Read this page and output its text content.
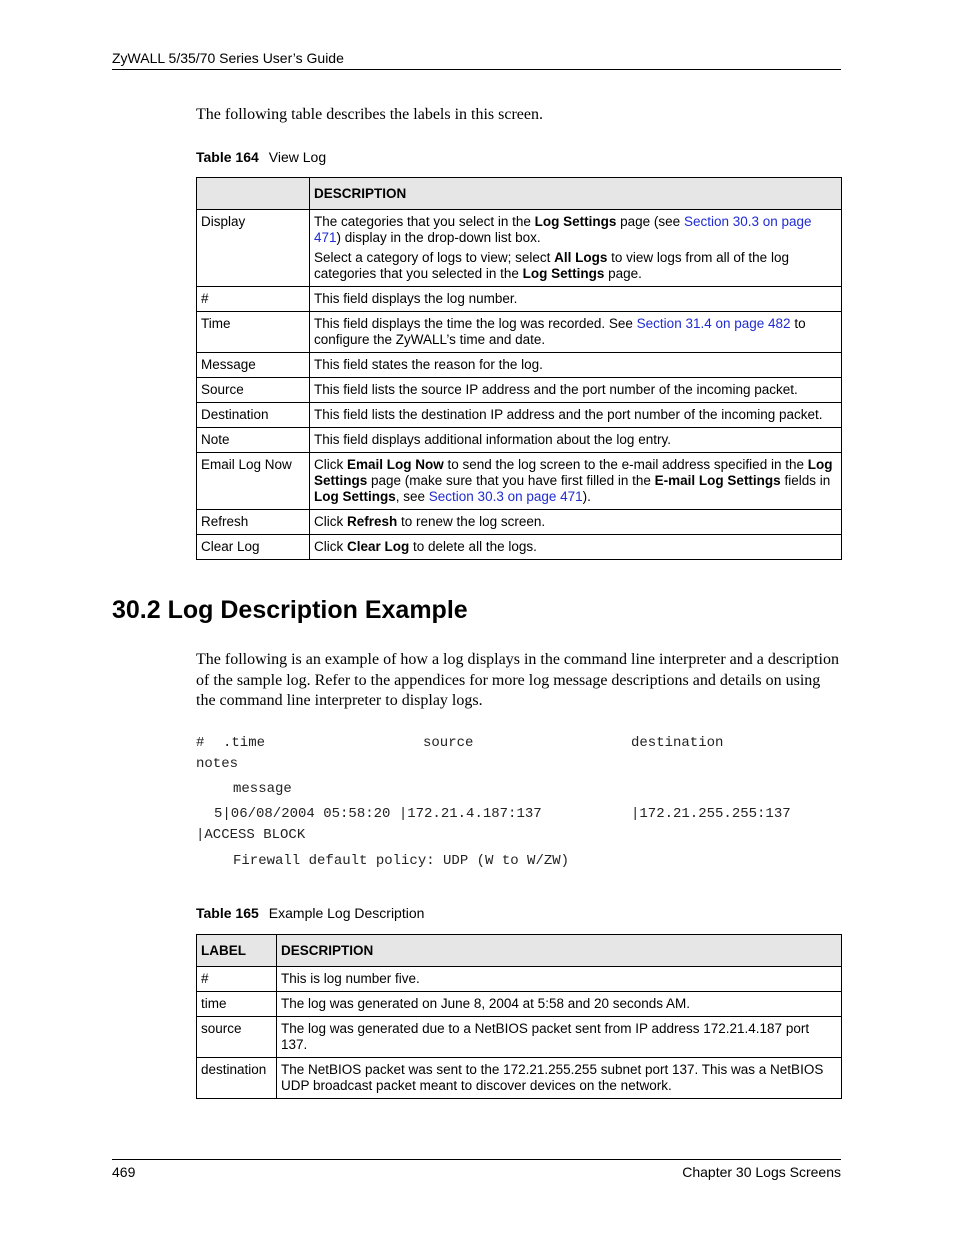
ZyWALL 5/35/70 Series User’s Guide

The following table describes the labels in this screen.

Table 164 View Log

	DESCRIPTION
Display	The categories that you select in the Log Settings page (see Section 30.3 on page 471) display in the drop-down list box.

Select a category of logs to view; select All Logs to view logs from all of the log categories that you selected in the Log Settings page.

#	This field displays the log number.
Time	This field displays the time the log was recorded. See Section 31.4 on page 482 to configure the ZyWALL’s time and date.
Message	This field states the reason for the log.
Source	This field lists the source IP address and the port number of the incoming packet.
Destination	This field lists the destination IP address and the port number of the incoming packet.
Note	This field displays additional information about the log entry.
Email Log Now	Click Email Log Now to send the log screen to the e-mail address specified in the Log Settings page (make sure that you have first filled in the E-mail Log Settings fields in Log Settings, see Section 30.3 on page 471).
Refresh	Click Refresh to renew the log screen.
Clear Log	Click Clear Log to delete all the logs.
30.2 Log Description Example

The following is an example of how a log displays in the command line interpreter and a description of the sample log. Refer to the appendices for more log message descriptions and details on using the command line interpreter to display logs.

# .time	source	destination
notes
message
5|06/08/2004 05:58:20 |172.21.4.187:137	|172.21.255.255:137
|ACCESS BLOCK
Firewall default policy: UDP (W to W/ZW)

Table 165 Example Log Description

LABEL	DESCRIPTION
#	This is log number five.
time	The log was generated on June 8, 2004 at 5:58 and 20 seconds AM.
source	The log was generated due to a NetBIOS packet sent from IP address 172.21.4.187 port 137.
destination	The NetBIOS packet was sent to the 172.21.255.255 subnet port 137. This was a NetBIOS UDP broadcast packet meant to discover devices on the network.
469	Chapter 30 Logs Screens
